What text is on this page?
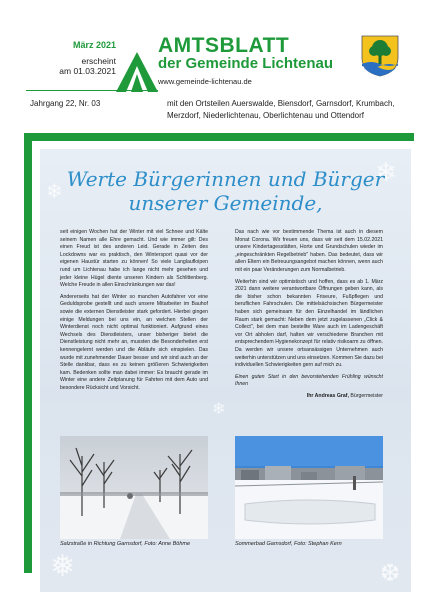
März 2021
erscheint
am 01.03.2021
AMTSBLATT
der Gemeinde Lichtenau
www.gemeinde-lichtenau.de
Jahrgang 22, Nr. 03	mit den Ortsteilen Auerswalde, Biensdorf, Garnsdorf, Krumbach, Merzdorf, Niederlichtenau, Oberlichtenau und Ottendorf
❄
❄
❅	❆
❄
Werte Bürgerinnen und Bürger
unserer Gemeinde,

seit einigen Wochen hat der Winter mit viel Schnee und Kälte seinem Namen alle Ehre gemacht. Und wie immer gilt: Des einen Freud ist des anderen Leid. Gerade in Zeiten des Lockdowns war es praktisch, den Wintersport quasi vor der eigenen Haustür starten zu können! So viele Langlaufloipen rund um Lichtenau habe ich lange nicht mehr gesehen und jeder kleine Hügel diente unseren Kindern als Schlittenberg. Welche Freude in allen Einschränkungen war das!

Andererseits hat der Winter so manchen Autofahrer vor eine Geduldsprobe gestellt und auch unsere Mitarbeiter im Bauhof sowie die externen Dienstleister stark gefordert. Hierbei gingen einige Meldungen bei uns ein, an welchen Stellen der Winterdienst noch nicht optimal funktioniert. Aufgrund eines Wechsels des Dienstleisters, unser bisheriger bietet die Dienstleistung nicht mehr an, mussten die Besonderheiten erst kennengelernt werden und die Abläufe sich einspielen. Das wurde mit zunehmender Dauer besser und wir sind auch an der Stelle dankbar, dass es zu keinen größeren Schwierigkeiten kam. Bedenken sollte man dabei immer: Es braucht gerade im Winter eine andere Zeitplanung für Fahrten mit dem Auto und besondere Rücksicht und Vorsicht.

Das nach wie vor bestimmende Thema ist auch in diesem Monat Corona. Wir freuen uns, dass wir seit dem 15.02.2021 unsere Kindertagesstätten, Horte und Grundschulen wieder im „eingeschränkten Regelbetrieb" haben. Das bedeutet, dass wir allen Eltern ein Betreuungsangebot machen können, wenn auch mit ein paar Veränderungen zum Normalbetrieb.

Weiterhin sind wir optimistisch und hoffen, dass es ab 1. März 2021 dann weitere verantwortbare Öffnungen geben kann, als die bisher schon bekannten Friseure, Fußpflegen und beruflichen Fahrschulen. Die mittelsächsischen Bürgermeister haben sich gemeinsam für den Einzelhandel im ländlichen Raum stark gemacht: Neben dem jetzt zugelassenen „Click & Collect", bei dem man bestellte Ware auch im Ladengeschäft vor Ort abholen darf, halten wir verschiedene Branchen mit entsprechendem Hygienekonzept für relativ risikoarm zu öffnen. Da werden wir unsere ortsansässigen Unternehmen auch weiterhin unterstützen und uns einsetzen. Kommen Sie dazu bei individuellen Schwierigkeiten gern auf mich zu.

Einen guten Start in den bevorstehenden Frühling wünscht Ihnen

Ihr Andreas Graf, Bürgermeister
Salzstraße in Richtung Garnsdorf, Foto: Anne Böhme	Sommerbad Garnsdorf, Foto: Stephan Kern
